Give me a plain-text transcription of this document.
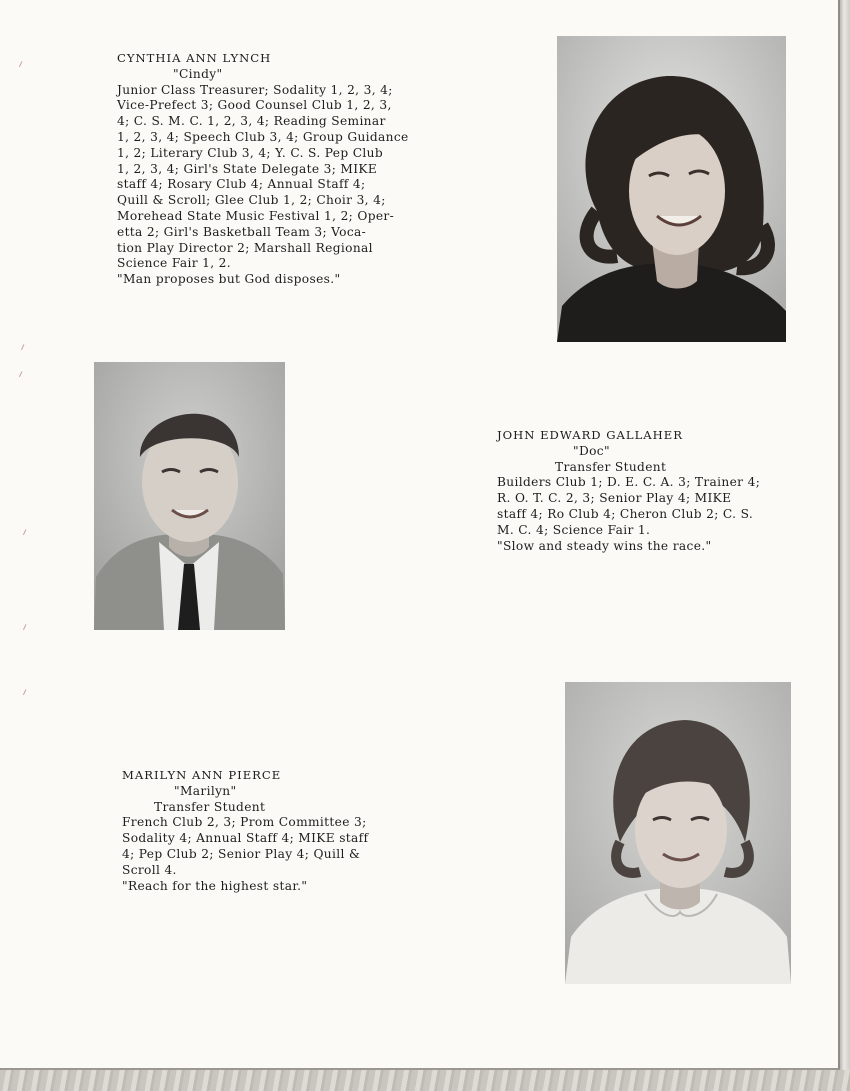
CYNTHIA ANN LYNCH
"Cindy"
Junior Class Treasurer; Sodality 1, 2, 3, 4;
Vice-Prefect 3; Good Counsel Club 1, 2, 3,
4; C. S. M. C. 1, 2, 3, 4; Reading Seminar
1, 2, 3, 4; Speech Club 3, 4; Group Guidance
1, 2; Literary Club 3, 4; Y. C. S. Pep Club
1, 2, 3, 4; Girl's State Delegate 3; MIKE
staff 4; Rosary Club 4; Annual Staff 4;
Quill & Scroll; Glee Club 1, 2; Choir 3, 4;
Morehead State Music Festival 1, 2; Oper-
etta 2; Girl's Basketball Team 3; Voca-
tion Play Director 2; Marshall Regional
Science Fair 1, 2.
"Man proposes but God disposes."
JOHN EDWARD GALLAHER
"Doc"
Transfer Student
Builders Club 1; D. E. C. A. 3; Trainer 4;
R. O. T. C. 2, 3; Senior Play 4; MIKE
staff 4; Ro Club 4; Cheron Club 2; C. S.
M. C. 4; Science Fair 1.
"Slow and steady wins the race."
MARILYN ANN PIERCE
"Marilyn"
Transfer Student
French Club 2, 3; Prom Committee 3;
Sodality 4; Annual Staff 4; MIKE staff
4; Pep Club 2; Senior Play 4; Quill &
Scroll 4.
"Reach for the highest star."
